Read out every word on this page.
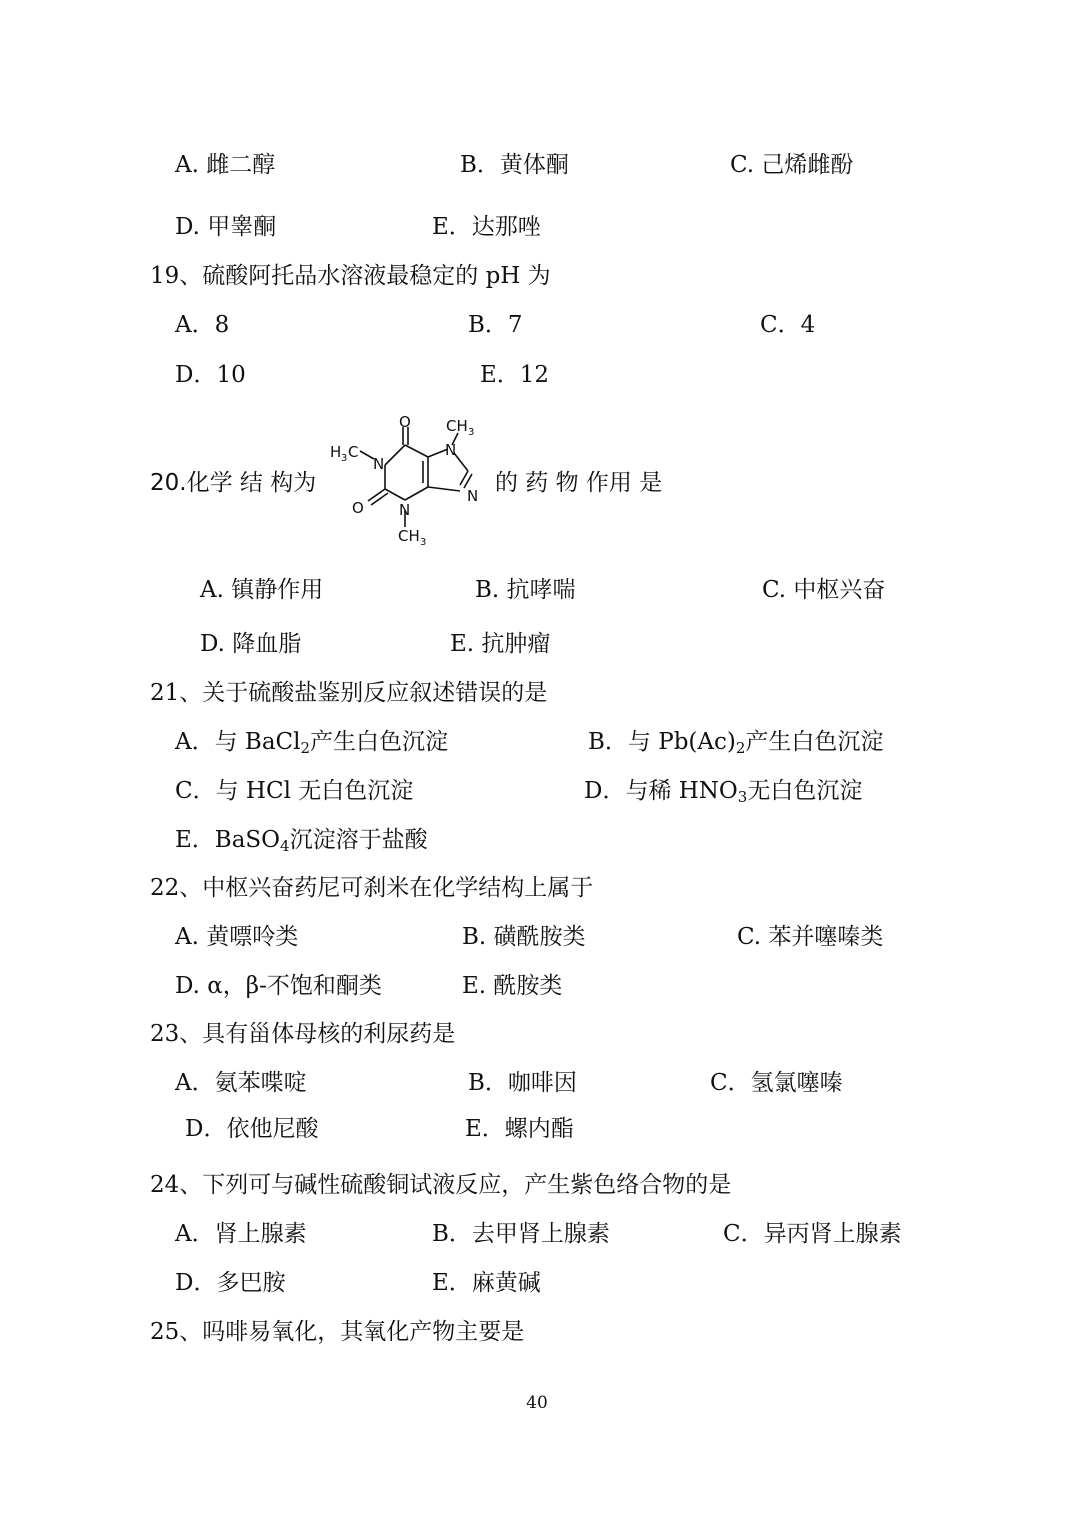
A. 雌二醇	B．黄体酮	C. 己烯雌酚
D. 甲睾酮	E．达那唑
19、硫酸阿托品水溶液最稳定的 pH 为
A．8	B．7	C．4
D．10	E．12
20.化学 结 构为	的 药 物 作用 是
O CH 3
H 3 C
N
N
N
O N
CH 3
A. 镇静作用	B. 抗哮喘	C. 中枢兴奋
D. 降血脂	E. 抗肿瘤
21、关于硫酸盐鉴别反应叙述错误的是
A．与 BaCl$_2$产生白色沉淀	B．与 $Pb(Ac)_2$产生白色沉淀
C．与 HCl 无白色沉淀	D．与稀 $HNO_3$无白色沉淀
E．BaSO$_4$沉淀溶于盐酸
22、中枢兴奋药尼可刹米在化学结构上属于
A. 黄嘌呤类	B. 磺酰胺类	C. 苯并噻嗪类
D. α，β-不饱和酮类	E. 酰胺类
23、具有甾体母核的利尿药是
A．氨苯喋啶	B．咖啡因	C．氢氯噻嗪
D．依他尼酸	E．螺内酯
24、下列可与碱性硫酸铜试液反应，产生紫色络合物的是
A．肾上腺素	B．去甲肾上腺素	C．异丙肾上腺素
D．多巴胺	E．麻黄碱
25、吗啡易氧化，其氧化产物主要是
40
